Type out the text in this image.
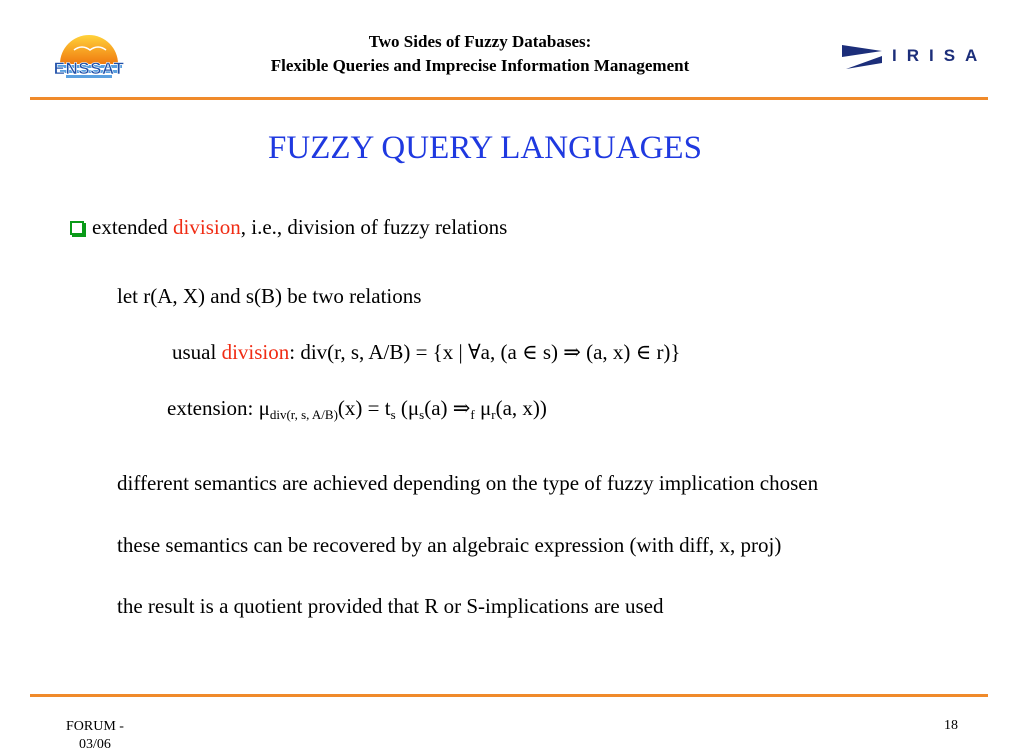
ENSSAT
Two Sides of Fuzzy Databases:
Flexible Queries and Imprecise Information Management
IRISA
FUZZY QUERY LANGUAGES
extended division, i.e., division of fuzzy relations
let r(A, X) and s(B) be two relations
usual division: div(r, s, A/B) = {x | ∀a, (a ∈ s) ⇒ (a, x) ∈ r)}
extension: $\mu_{div(r, s, A/B)}(x) = t_s$ ($\mu_s(a)$ $\Rightarrow_f$ $\mu_r(a$, x))
different semantics are achieved depending on the type of fuzzy implication chosen
these semantics can be recovered by an algebraic expression (with diff, x, proj)
the result is a quotient provided that R or S-implications are used
FORUM -
03/06
18
